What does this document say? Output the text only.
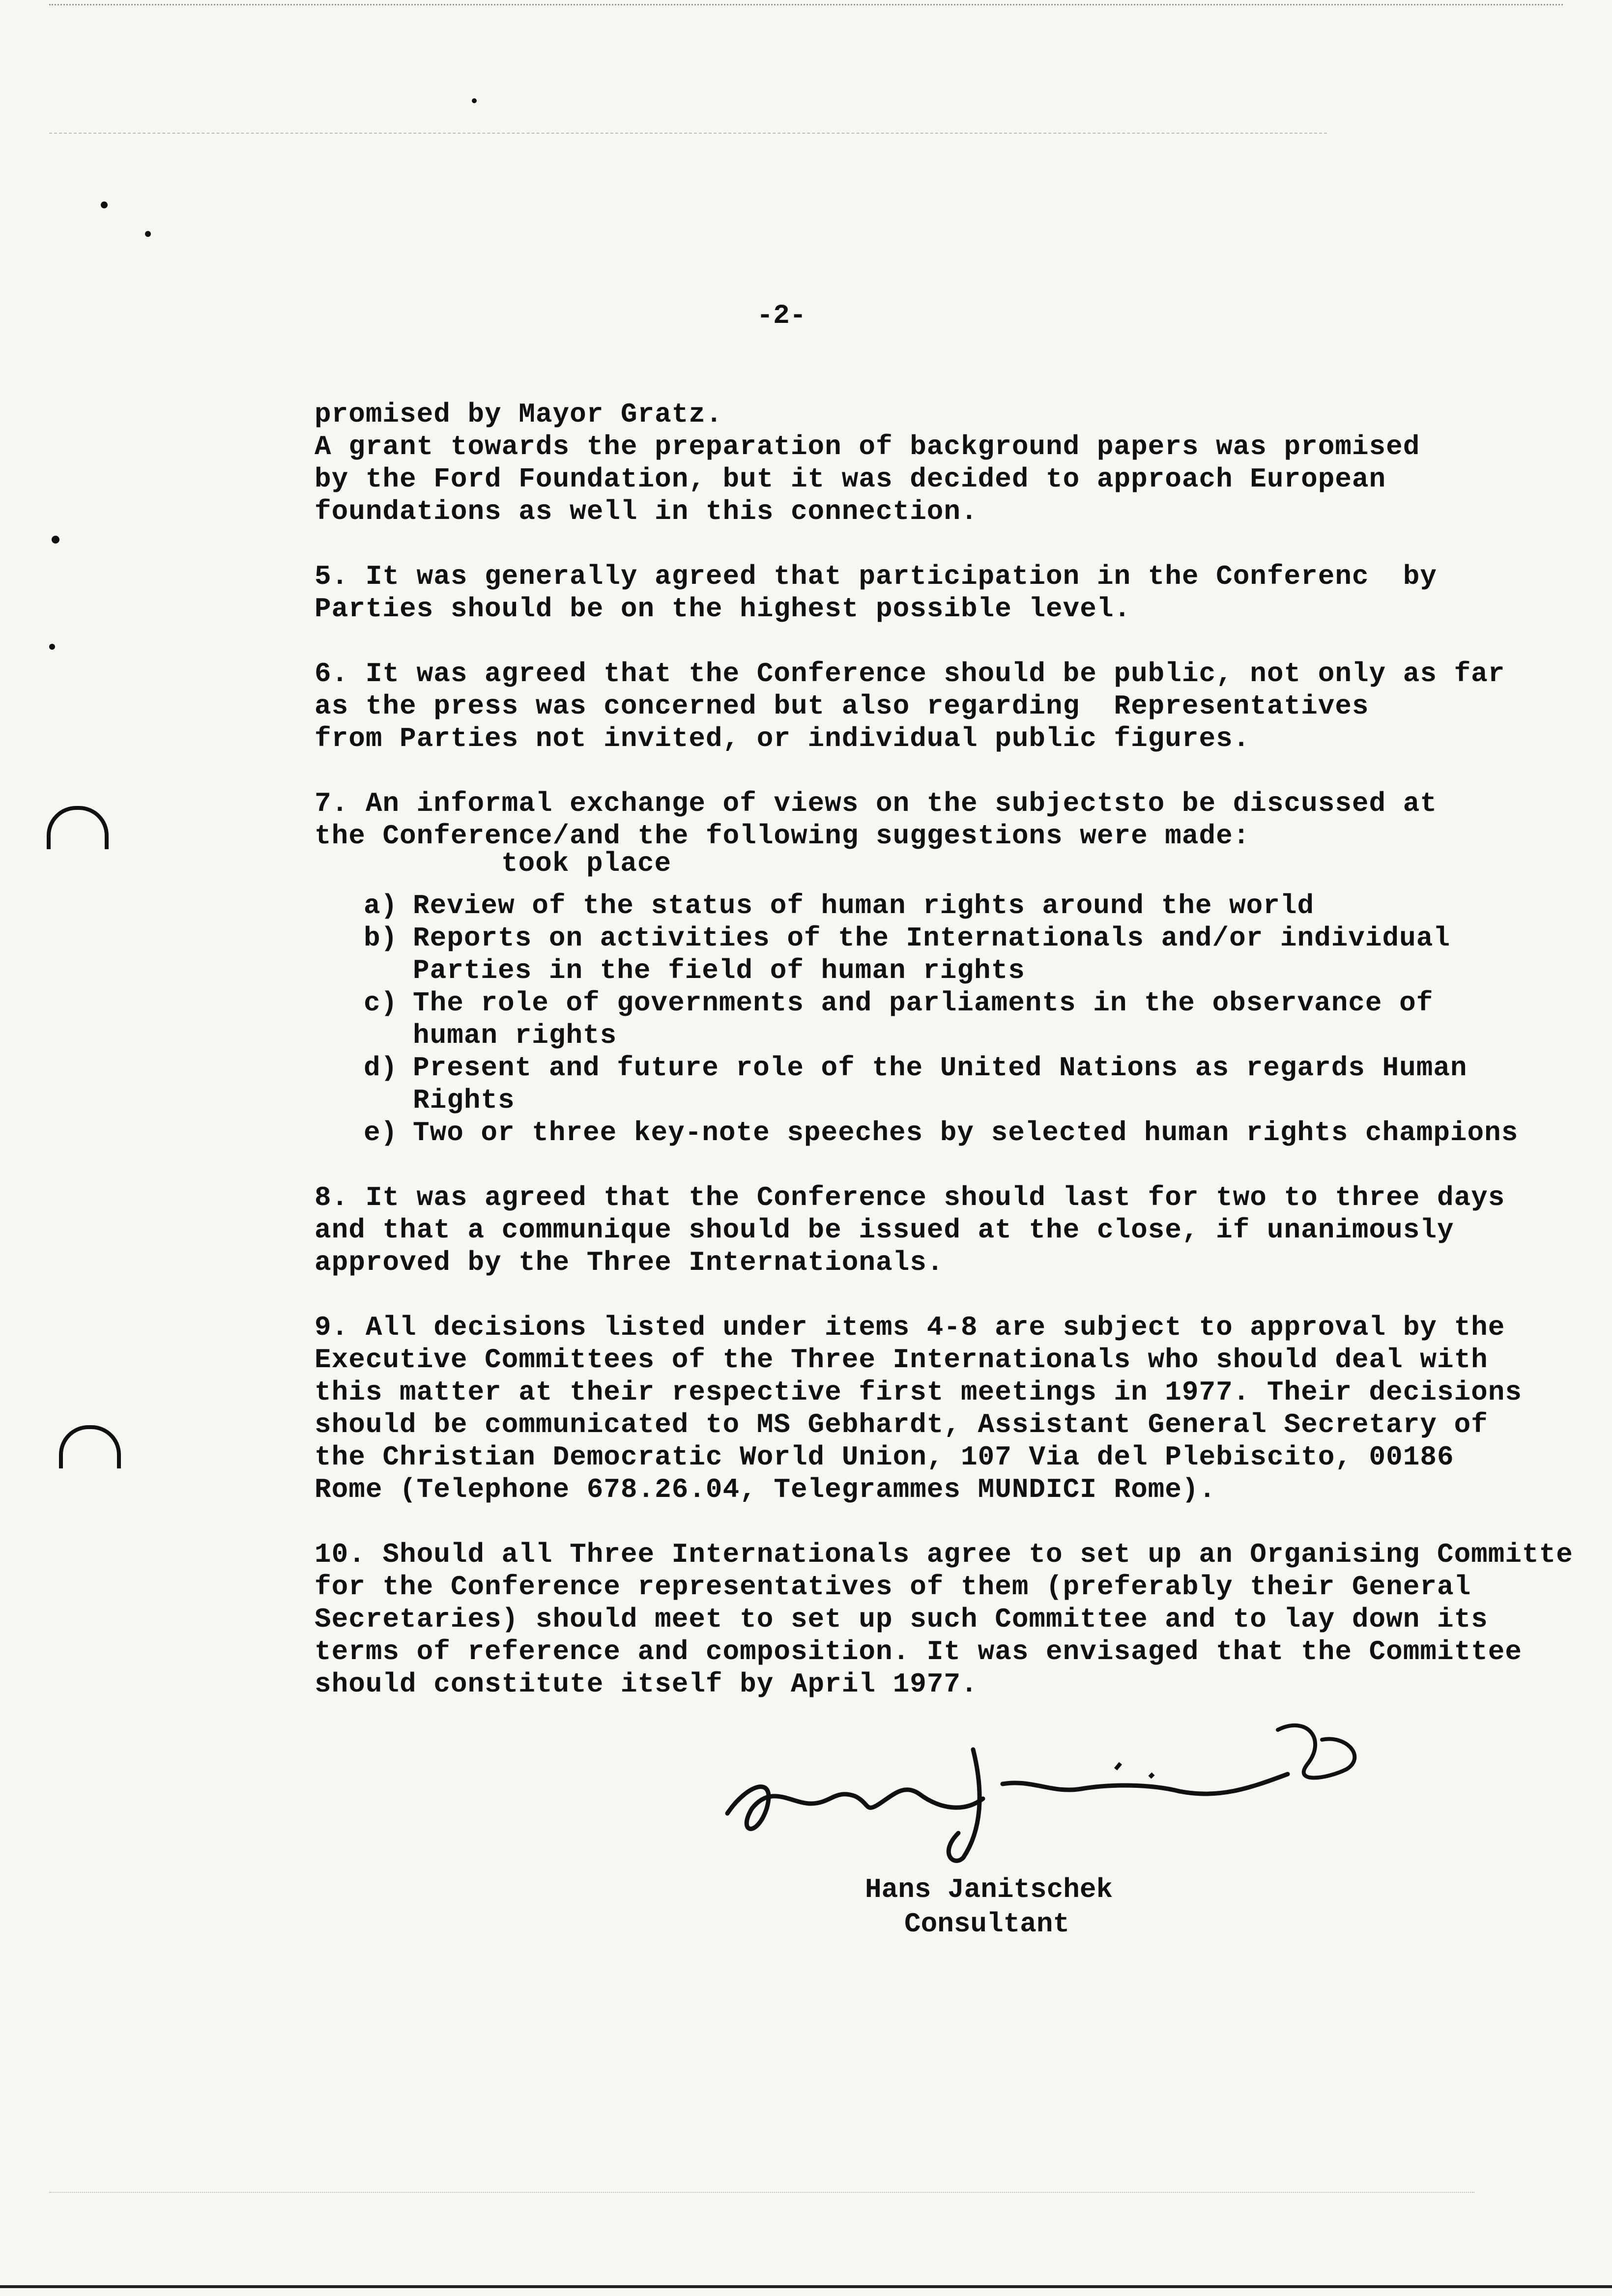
-2-
promised by Mayor Gratz.
A grant towards the preparation of background papers was promised
by the Ford Foundation, but it was decided to approach European
foundations as well in this connection.
5. It was generally agreed that participation in the Conferenc  by
Parties should be on the highest possible level.
6. It was agreed that the Conference should be public, not only as far
as the press was concerned but also regarding  Representatives
from Parties not invited, or individual public figures.
7. An informal exchange of views on the subjectsto be discussed at
the Conference/and the following suggestions were made:
took place
a) Review of the status of human rights around the world
b) Reports on activities of the Internationals and/or individual
Parties in the field of human rights
c) The role of governments and parliaments in the observance of
human rights
d) Present and future role of the United Nations as regards Human
Rights
e) Two or three key-note speeches by selected human rights champions
8. It was agreed that the Conference should last for two to three days
and that a communique should be issued at the close, if unanimously
approved by the Three Internationals.
9. All decisions listed under items 4-8 are subject to approval by the
Executive Committees of the Three Internationals who should deal with
this matter at their respective first meetings in 1977. Their decisions
should be communicated to MS Gebhardt, Assistant General Secretary of
the Christian Democratic World Union, 107 Via del Plebiscito, 00186
Rome (Telephone 678.26.04, Telegrammes MUNDICI Rome).
10. Should all Three Internationals agree to set up an Organising Committe
for the Conference representatives of them (preferably their General
Secretaries) should meet to set up such Committee and to lay down its
terms of reference and composition. It was envisaged that the Committee
should constitute itself by April 1977.
Hans Janitschek
Consultant
